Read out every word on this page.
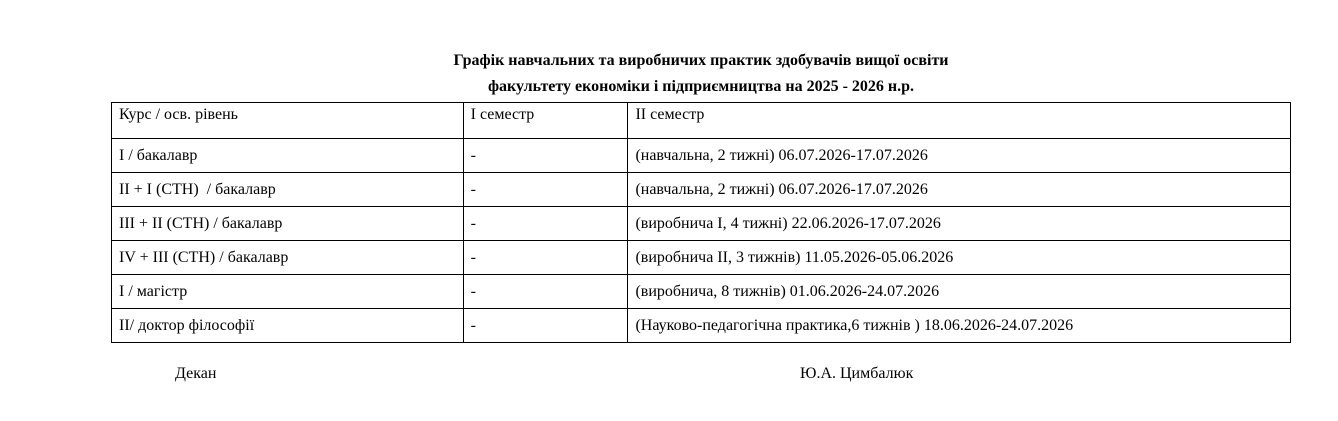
Графік навчальних та виробничих практик здобувачів вищої освіти
факультету економіки і підприємництва на 2025 - 2026 н.р.
Курс / осв. рівень	І семестр	ІІ семестр
І / бакалавр	-	(навчальна, 2 тижні) 06.07.2026-17.07.2026
ІІ + І (СТН)  / бакалавр	-	(навчальна, 2 тижні) 06.07.2026-17.07.2026
ІІІ + ІІ (СТН) / бакалавр	-	(виробнича І, 4 тижні) 22.06.2026-17.07.2026
IV + ІІІ (СТН) / бакалавр	-	(виробнича ІІ, 3 тижнів) 11.05.2026-05.06.2026
І / магістр	-	(виробнича, 8 тижнів) 01.06.2026-24.07.2026
ІІ/ доктор філософії	-	(Науково-педагогічна практика,6 тижнів ) 18.06.2026-24.07.2026
Декан	Ю.А. Цимбалюк
